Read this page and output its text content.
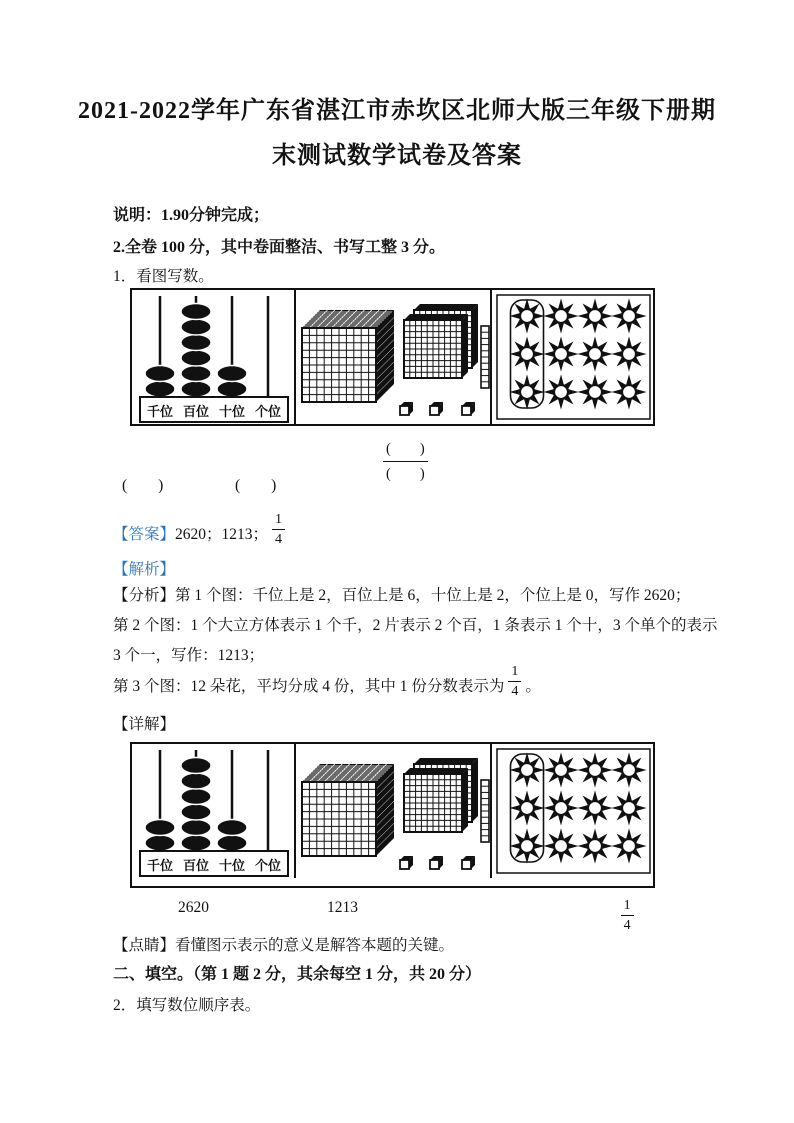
2021-2022学年广东省湛江市赤坎区北师大版三年级下册期
末测试数学试卷及答案
说明：1.90分钟完成；
2.全卷 100 分，其中卷面整洁、书写工整 3 分。
1．看图写数。
千位 百位 十位 个位
$\frac{( )}{( )}$

(　　)	(　　)
【答案】 2620；1213； $\frac{1}{4}$
【解析】
【分析】第 1 个图：千位上是 2，百位上是 6，十位上是 2，个位上是 0，写作 2620；
第 2 个图：1 个大立方体表示 1 个千，2 片表示 2 个百，1 条表示 1 个十，3 个单个的表示
3 个一，写作：1213；
第 3 个图：12 朵花，平均分成 4 份，其中 1 份分数表示为 $\frac{1}{4}$ 。
【详解】
千位 百位 十位 个位
2620	1213	$\frac{1}{4}$
【点睛】看懂图示表示的意义是解答本题的关键。
二、填空。（第 1 题 2 分，其余每空 1 分，共 20 分）
2．填写数位顺序表。
